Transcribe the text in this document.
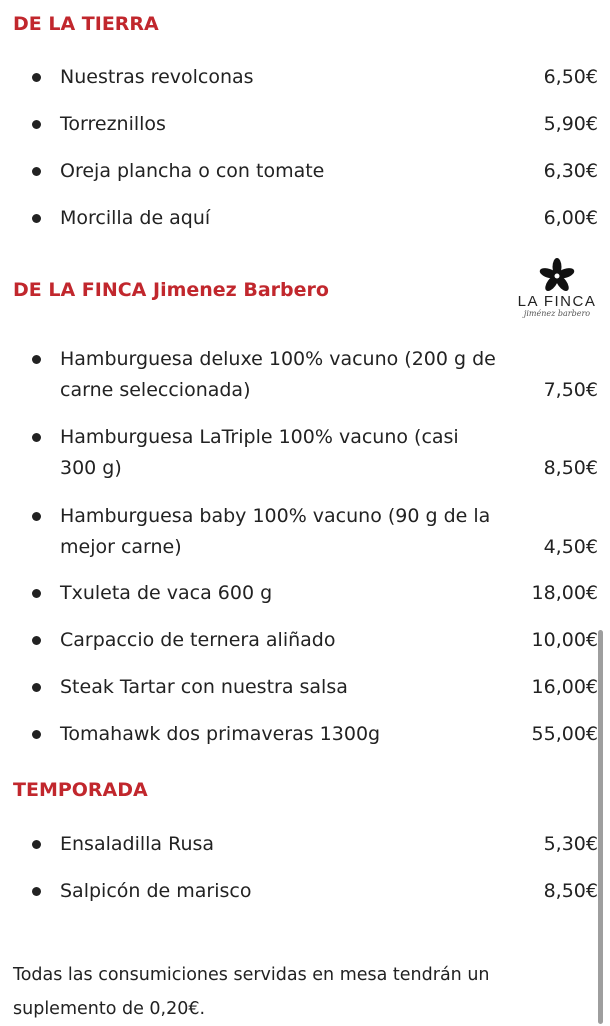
DE LA TIERRA
Nuestras revolconas	6,50€
Torreznillos	5,90€
Oreja plancha o con tomate	6,30€
Morcilla de aquí	6,00€
DE LA FINCA Jimenez Barbero
LA FINCA
jiménez barbero
Hamburguesa deluxe 100% vacuno (200 g de carne seleccionada)	7,50€
Hamburguesa LaTriple 100% vacuno (casi 300 g)	8,50€
Hamburguesa baby 100% vacuno (90 g de la mejor carne)	4,50€
Txuleta de vaca 600 g	18,00€
Carpaccio de ternera aliñado	10,00€
Steak Tartar con nuestra salsa	16,00€
Tomahawk dos primaveras 1300g	55,00€
TEMPORADA
Ensaladilla Rusa	5,30€
Salpicón de marisco	8,50€

Todas las consumiciones servidas en mesa tendrán un suplemento de 0,20€.
